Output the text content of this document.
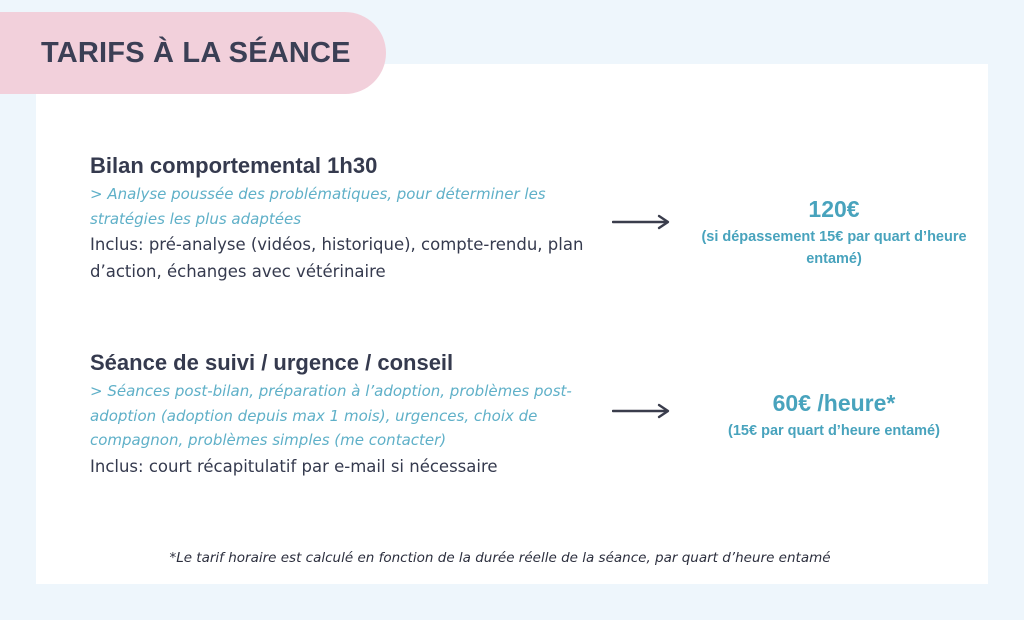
TARIFS À LA SÉANCE
Bilan comportemental 1h30
> Analyse poussée des problématiques, pour déterminer les stratégies les plus adaptées
Inclus: pré-analyse (vidéos, historique), compte-rendu, plan d’action, échanges avec vétérinaire
120€
(si dépassement 15€ par quart d’heure entamé)
Séance de suivi / urgence / conseil
> Séances post-bilan, préparation à l’adoption, problèmes post-adoption (adoption depuis max 1 mois), urgences, choix de compagnon, problèmes simples (me contacter)
Inclus: court récapitulatif par e-mail si nécessaire
60€ /heure*
(15€ par quart d’heure entamé)
*Le tarif horaire est calculé en fonction de la durée réelle de la séance, par quart d’heure entamé
